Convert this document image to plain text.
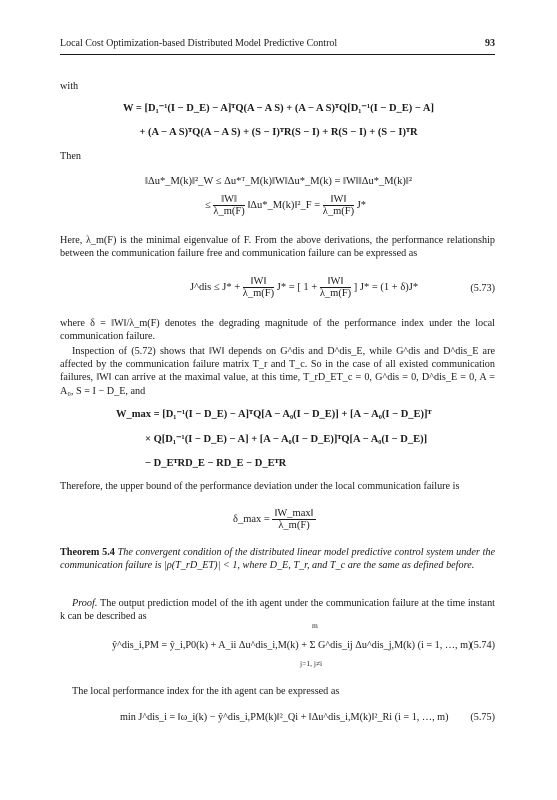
Local Cost Optimization-based Distributed Model Predictive Control	93
with
W = [D₁⁻¹(I − D_E) − A]ᵀQ(A − A S) + (A − A S)ᵀQ[D₁⁻¹(I − D_E) − A]
+ (A − A S)ᵀQ(A − A S) + (S − I)ᵀR(S − I) + R(S − I) + (S − I)ᵀR
Then
‖Δu*_M(k)‖²_W ≤ Δu*ᵀ_M(k)‖W‖Δu*_M(k) = ‖W‖‖Δu*_M(k)‖²
≤ $\frac{‖W‖}{\lambda\_m(F)}$ ‖Δu*_M(k)‖²_F = $\frac{‖W‖}{\lambda\_m(F)} J*$
Here, λ_m(F) is the minimal eigenvalue of F. From the above derivations, the performance relationship between the communication failure free and communication failure can be expressed as
J^dis ≤ $J* + \frac{‖W‖}{\lambda\_m(F)} J*$ = [ $1 + \frac{‖W‖}{\lambda\_m(F)}$ ] J* = (1 + δ)J*	(5.73)
where δ = ‖W‖/λ_m(F) denotes the degrading magnitude of the performance index under the local communication failure.
Inspection of (5.72) shows that ‖W‖ depends on G^dis and D^dis_E, while G^dis and D^dis_E are affected by the communication failure matrix T_r and T_c. So in the case of all existed communication failures, ‖W‖ can arrive at the maximal value, at this time, T_rD_ET_c = 0, G^dis = 0, D^dis_E = 0, A = A₀, S = I − D_E, and
W_max = [D₁⁻¹(I − D_E) − A]ᵀQ[A − A₀(I − D_E)] + [A − A₀(I − D_E)]ᵀ
× Q[D₁⁻¹(I − D_E) − A] + [A − A₀(I − D_E)]ᵀQ[A − A₀(I − D_E)]
− D_EᵀRD_E − RD_E − D_EᵀR
Therefore, the upper bound of the performance deviation under the local communication failure is
δ_max = $\frac{‖W\_\max‖}{\lambda\_m(F)}$
Theorem 5.4 The convergent condition of the distributed linear model predictive control system under the communication failure is |ρ(T_rD_ET)| < 1, where D_E, T_r, and T_c are the same as defined before.
Proof. The output prediction model of the ith agent under the communication failure at the time instant k can be described as
m
j=1, j≠i
ŷ^dis_i,PM = ŷ_i,P0(k) + A_ii Δu^dis_i,M(k) + Σ G^dis_ij Δu^dis_j,M(k) (i = 1, …, m)
(5.74)
The local performance index for the ith agent can be expressed as
min J^dis_i = ‖ω_i(k) − ŷ^dis_i,PM(k)‖²_Qi + ‖Δu^dis_i,M(k)‖²_Ri (i = 1, …, m) (5.75)
